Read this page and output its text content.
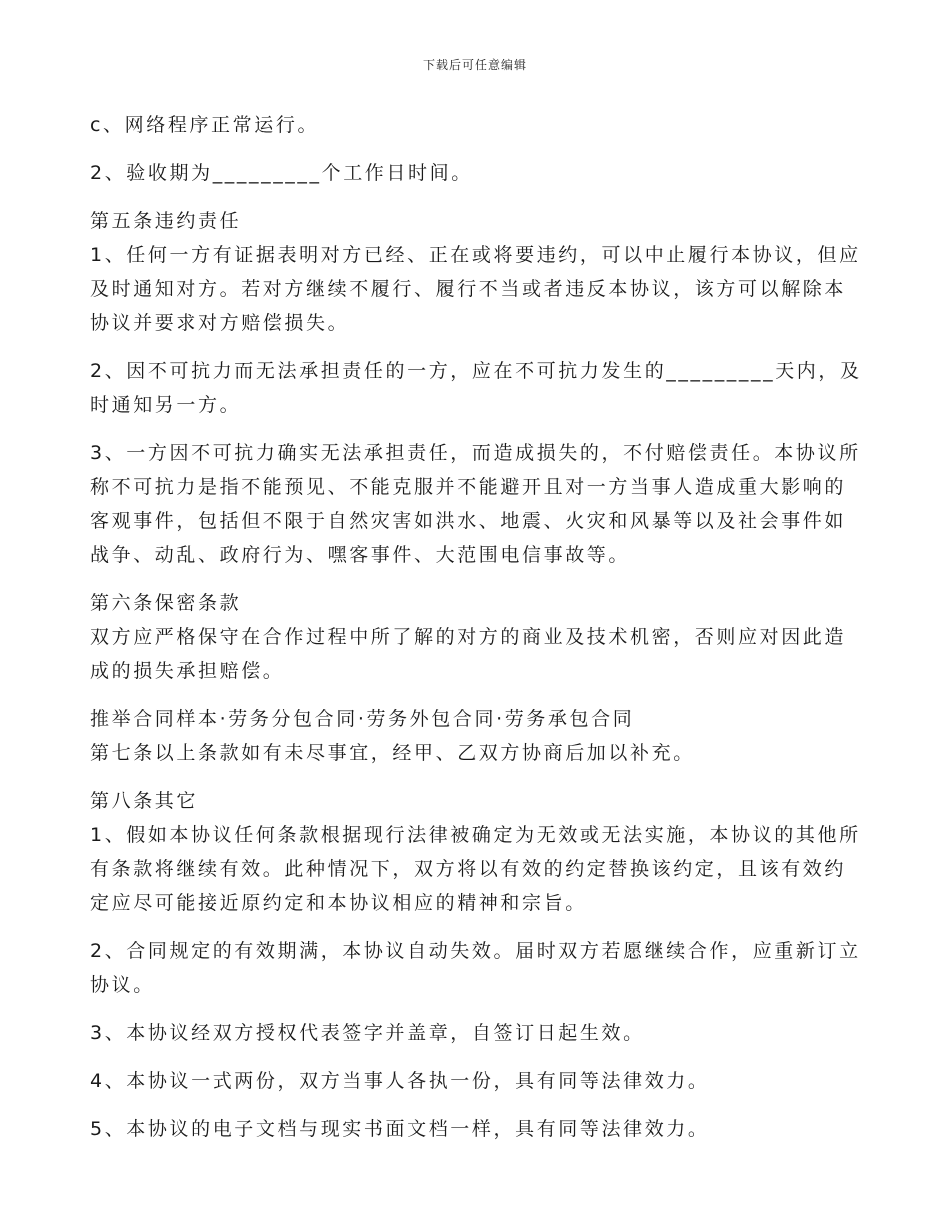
下载后可任意编辑
c、网络程序正常运行。
2、验收期为_________个工作日时间。
第五条违约责任
1、任何一方有证据表明对方已经、正在或将要违约，可以中止履行本协议，但应
及时通知对方。若对方继续不履行、履行不当或者违反本协议，该方可以解除本
协议并要求对方赔偿损失。
2、因不可抗力而无法承担责任的一方，应在不可抗力发生的_________天内，及
时通知另一方。
3、一方因不可抗力确实无法承担责任，而造成损失的，不付赔偿责任。本协议所
称不可抗力是指不能预见、不能克服并不能避开且对一方当事人造成重大影响的
客观事件，包括但不限于自然灾害如洪水、地震、火灾和风暴等以及社会事件如
战争、动乱、政府行为、嘿客事件、大范围电信事故等。
第六条保密条款
双方应严格保守在合作过程中所了解的对方的商业及技术机密，否则应对因此造
成的损失承担赔偿。
推举合同样本·劳务分包合同·劳务外包合同·劳务承包合同
第七条以上条款如有未尽事宜，经甲、乙双方协商后加以补充。
第八条其它
1、假如本协议任何条款根据现行法律被确定为无效或无法实施，本协议的其他所
有条款将继续有效。此种情况下，双方将以有效的约定替换该约定，且该有效约
定应尽可能接近原约定和本协议相应的精神和宗旨。
2、合同规定的有效期满，本协议自动失效。届时双方若愿继续合作，应重新订立
协议。
3、本协议经双方授权代表签字并盖章，自签订日起生效。
4、本协议一式两份，双方当事人各执一份，具有同等法律效力。
5、本协议的电子文档与现实书面文档一样，具有同等法律效力。
